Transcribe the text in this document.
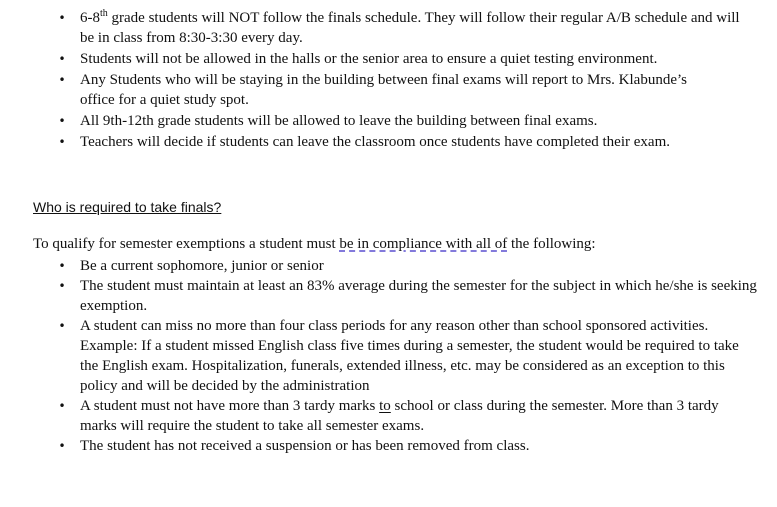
• 6-8th grade students will NOT follow the finals schedule. They will follow their regular A/B schedule and will be in class from 8:30-3:30 every day.
• Students will not be allowed in the halls or the senior area to ensure a quiet testing environment.
• Any Students who will be staying in the building between final exams will report to Mrs. Klabunde’s office for a quiet study spot.
• All 9th-12th grade students will be allowed to leave the building between final exams.
• Teachers will decide if students can leave the classroom once students have completed their exam.
Who is required to take finals?
To qualify for semester exemptions a student must be in compliance with all of the following:
• Be a current sophomore, junior or senior
• The student must maintain at least an 83% average during the semester for the subject in which he/she is seeking exemption.
• A student can miss no more than four class periods for any reason other than school sponsored activities. Example: If a student missed English class five times during a semester, the student would be required to take the English exam. Hospitalization, funerals, extended illness, etc. may be considered as an exception to this policy and will be decided by the administration
• A student must not have more than 3 tardy marks to school or class during the semester. More than 3 tardy marks will require the student to take all semester exams.
• The student has not received a suspension or has been removed from class.
